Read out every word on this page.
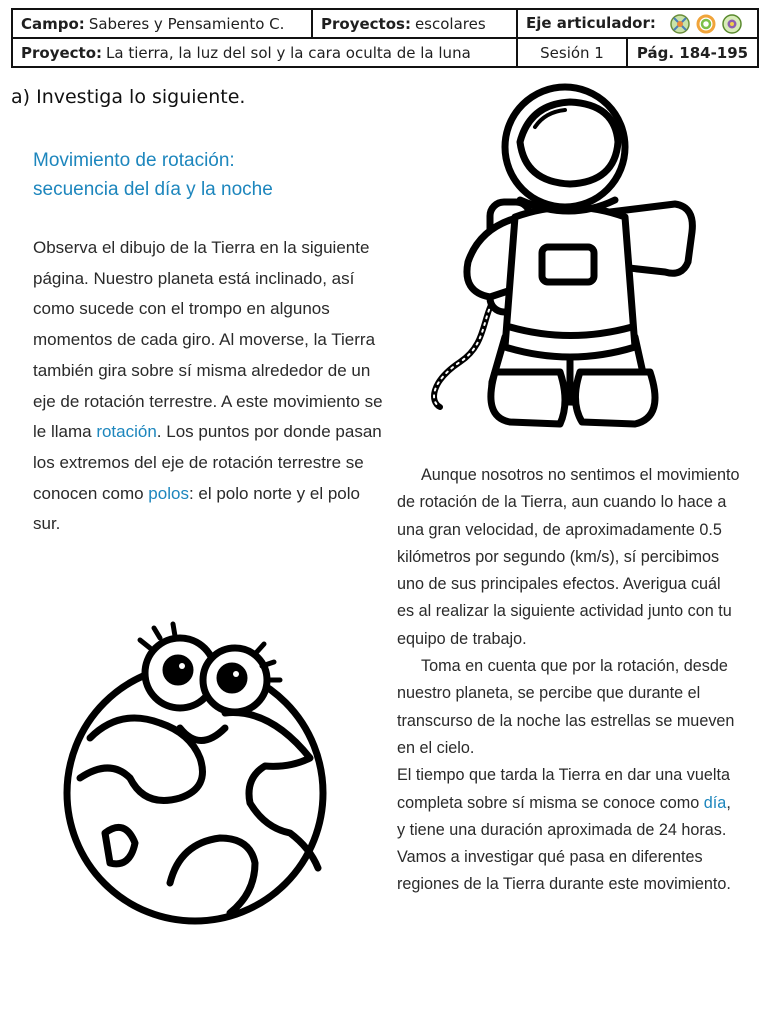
Campo: Saberes y Pensamiento C.	Proyectos: escolares	Eje articulador:	
Proyecto: La tierra, la luz del sol y la cara oculta de la luna		Sesión 1	Pág. 184-195
a) Investiga lo siguiente.
Movimiento de rotación:
secuencia del día y la noche

Observa el dibujo de la Tierra en la siguiente página. Nuestro planeta está inclinado, así como sucede con el trompo en algunos momentos de cada giro. Al moverse, la Tierra también gira sobre sí misma alrededor de un eje de rotación terrestre. A este movimiento se le llama rotación. Los puntos por donde pasan los extremos del eje de rotación terrestre se conocen como polos: el polo norte y el polo sur.

Aunque nosotros no sentimos el movimiento de rotación de la Tierra, aun cuando lo hace a una gran velocidad, de aproximadamente 0.5 kilómetros por segundo (km/s), sí percibimos uno de sus principales efectos. Averigua cuál es al realizar la siguiente actividad junto con tu equipo de trabajo.

Toma en cuenta que por la rotación, desde nuestro planeta, se percibe que durante el transcurso de la noche las estrellas se mueven en el cielo.

El tiempo que tarda la Tierra en dar una vuelta completa sobre sí misma se conoce como día, y tiene una duración aproximada de 24 horas. Vamos a investigar qué pasa en diferentes regiones de la Tierra durante este movimiento.
